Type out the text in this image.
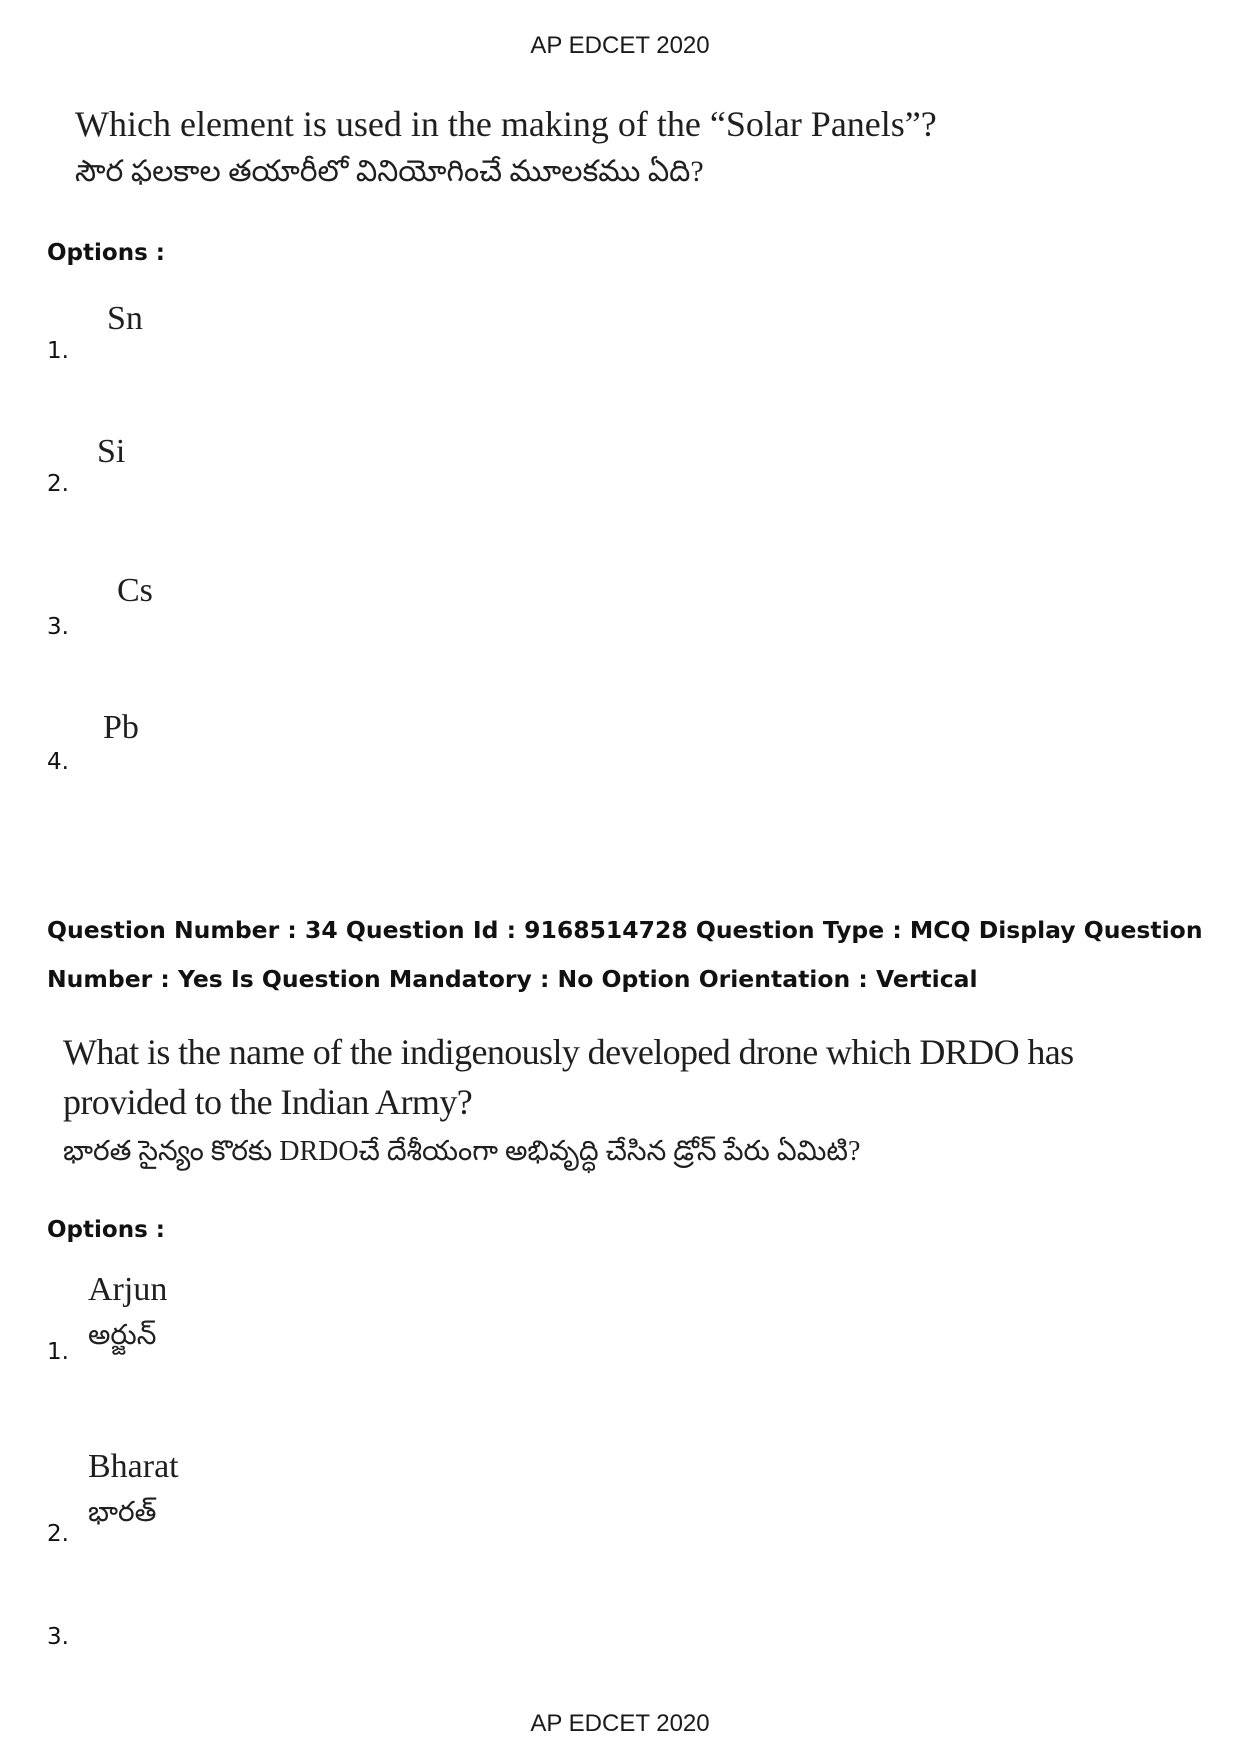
AP EDCET 2020
Which element is used in the making of the “Solar Panels”?
సౌర ఫలకాల తయారీలో వినియోగించే మూలకము ఏది?
Options :
Sn
1.
Si
2.
Cs
3.
Pb
4.
Question Number : 34 Question Id : 9168514728 Question Type : MCQ Display Question
Number : Yes Is Question Mandatory : No Option Orientation : Vertical
What is the name of the indigenously developed drone which DRDO has
provided to the Indian Army?
భారత సైన్యం కొరకు DRDOచే దేశీయంగా అభివృద్ధి చేసిన డ్రోన్ పేరు ఏమిటి?
Options :
Arjun
అర్జున్
1.
Bharat
భారత్
2.
3.
AP EDCET 2020
